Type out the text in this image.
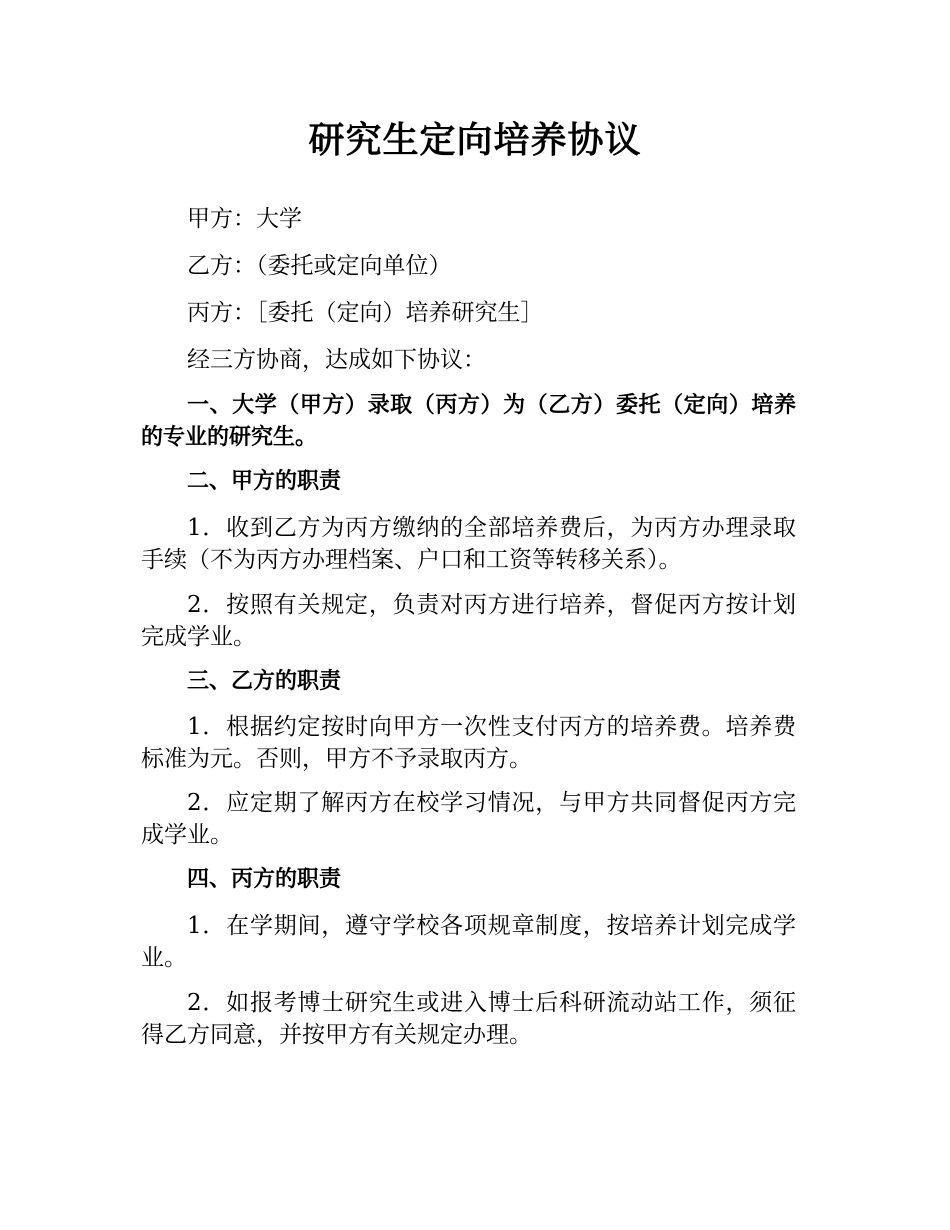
研究生定向培养协议

甲方：大学

乙方：（委托或定向单位）

丙方：［委托（定向）培养研究生］

经三方协商，达成如下协议：

一、大学（甲方）录取（丙方）为（乙方）委托（定向）培养的专业的研究生。

二、甲方的职责

1．收到乙方为丙方缴纳的全部培养费后，为丙方办理录取手续（不为丙方办理档案、户口和工资等转移关系）。

2．按照有关规定，负责对丙方进行培养，督促丙方按计划完成学业。

三、乙方的职责

1．根据约定按时向甲方一次性支付丙方的培养费。培养费标准为元。否则，甲方不予录取丙方。

2．应定期了解丙方在校学习情况，与甲方共同督促丙方完成学业。

四、丙方的职责

1．在学期间，遵守学校各项规章制度，按培养计划完成学业。

2．如报考博士研究生或进入博士后科研流动站工作，须征得乙方同意，并按甲方有关规定办理。
